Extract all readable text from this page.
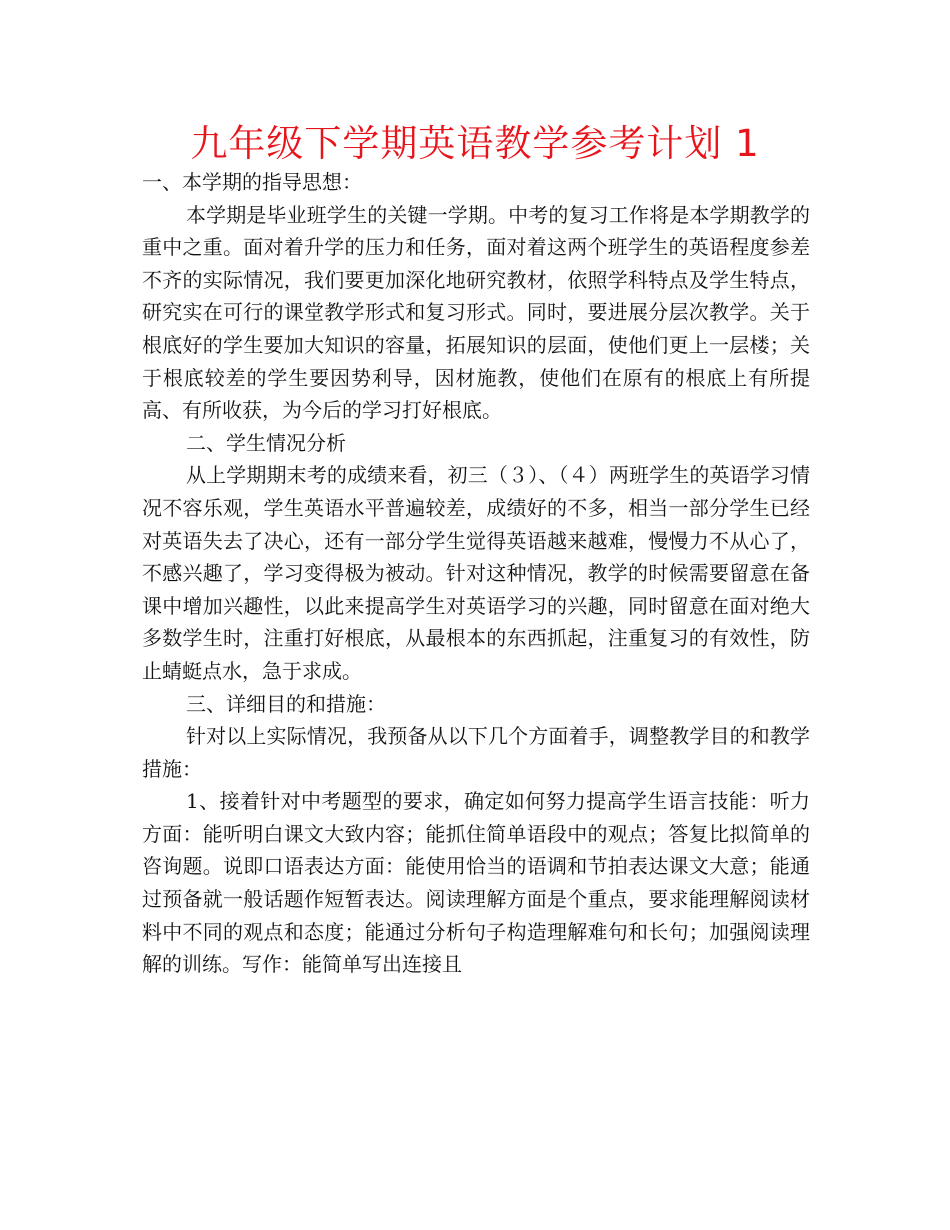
九年级下学期英语教学参考计划 1

一、本学期的指导思想：

本学期是毕业班学生的关键一学期。中考的复习工作将是本学期教学的重中之重。面对着升学的压力和任务，面对着这两个班学生的英语程度参差不齐的实际情况，我们要更加深化地研究教材，依照学科特点及学生特点，研究实在可行的课堂教学形式和复习形式。同时，要进展分层次教学。关于根底好的学生要加大知识的容量，拓展知识的层面，使他们更上一层楼；关于根底较差的学生要因势利导，因材施教，使他们在原有的根底上有所提高、有所收获，为今后的学习打好根底。

二、学生情况分析

从上学期期末考的成绩来看，初三（３）、（４）两班学生的英语学习情况不容乐观，学生英语水平普遍较差，成绩好的不多，相当一部分学生已经对英语失去了决心，还有一部分学生觉得英语越来越难，慢慢力不从心了，不感兴趣了，学习变得极为被动。针对这种情况，教学的时候需要留意在备课中增加兴趣性，以此来提高学生对英语学习的兴趣，同时留意在面对绝大多数学生时，注重打好根底，从最根本的东西抓起，注重复习的有效性，防止蜻蜓点水，急于求成。

三、详细目的和措施：

针对以上实际情况，我预备从以下几个方面着手，调整教学目的和教学措施：

1、接着针对中考题型的要求，确定如何努力提高学生语言技能：听力方面：能听明白课文大致内容；能抓住简单语段中的观点；答复比拟简单的咨询题。说即口语表达方面：能使用恰当的语调和节拍表达课文大意；能通过预备就一般话题作短暂表达。阅读理解方面是个重点，要求能理解阅读材料中不同的观点和态度；能通过分析句子构造理解难句和长句；加强阅读理解的训练。写作：能简单写出连接且
